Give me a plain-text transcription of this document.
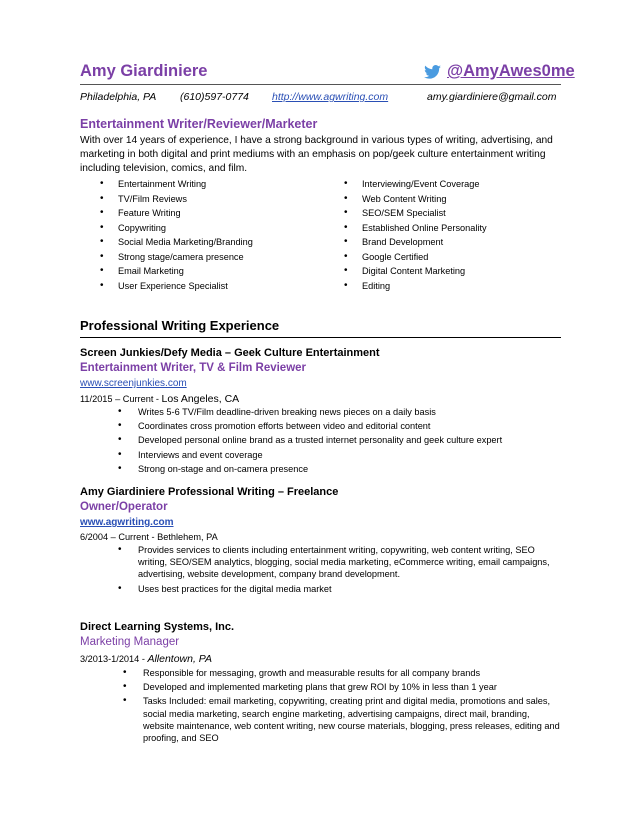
Amy Giardiniere	@AmyAwes0me
Philadelphia, PA (610)597-0774 http://www.agwriting.com	amy.giardiniere@gmail.com
Entertainment Writer/Reviewer/Marketer
With over 14 years of experience, I have a strong background in various types of writing, advertising, and marketing in both digital and print mediums with an emphasis on pop/geek culture entertainment writing including television, comics, and film.
• Entertainment Writing
• TV/Film Reviews
• Feature Writing
• Copywriting
• Social Media Marketing/Branding
• Strong stage/camera presence
• Email Marketing
• User Experience Specialist
• Interviewing/Event Coverage
• Web Content Writing
• SEO/SEM Specialist
• Established Online Personality
• Brand Development
• Google Certified
• Digital Content Marketing
• Editing
Professional Writing Experience
Screen Junkies/Defy Media – Geek Culture Entertainment
Entertainment Writer, TV & Film Reviewer
www.screenjunkies.com
11/2015 – Current - Los Angeles, CA
• Writes 5-6 TV/Film deadline-driven breaking news pieces on a daily basis
• Coordinates cross promotion efforts between video and editorial content
• Developed personal online brand as a trusted internet personality and geek culture expert
• Interviews and event coverage
• Strong on-stage and on-camera presence
Amy Giardiniere Professional Writing – Freelance
Owner/Operator
www.agwriting.com
6/2004 – Current - Bethlehem, PA
• Provides services to clients including entertainment writing, copywriting, web content writing, SEO writing, SEO/SEM analytics, blogging, social media marketing, eCommerce writing, email campaigns, advertising, website development, company brand development.
• Uses best practices for the digital media market
Direct Learning Systems, Inc.
Marketing Manager
3/2013-1/2014 - Allentown, PA
• Responsible for messaging, growth and measurable results for all company brands
• Developed and implemented marketing plans that grew ROI by 10% in less than 1 year
• Tasks Included: email marketing, copywriting, creating print and digital media, promotions and sales, social media marketing, search engine marketing, advertising campaigns, direct mail, branding, website maintenance, web content writing, new course materials, blogging, press releases, editing and proofing, and SEO
